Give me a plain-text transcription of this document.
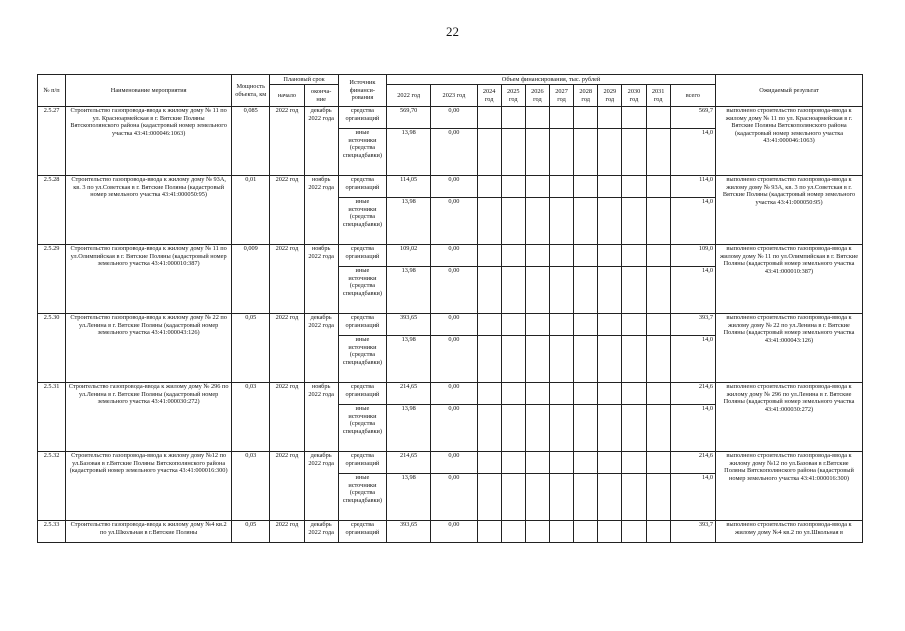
22
№ п/п	Наименование мероприятия	Мощность объекта, км	Плановый срок		Источник финанси-рования	Объем финансирования, тыс. рублей											Ожидаемый результат
			начало	оконча-ние		2022 год	2023 год	2024 год	2025 год	2026 год	2027 год	2028 год	2029 год	2030 год	2031 год	всего	
2.5.27	Строительство газопровода-ввода к жилому дому № 11 по ул. Красноармейская в г. Вятские Поляны Вятскополянского района (кадастровый номер земельного участка 43:41:000046:1063)	0,085	2022 год	декабрь 2022 года	средства организаций	569,70	0,00									569,7	выполнено строительство газопровода-ввода к жилому дому № 11 по ул. Красноармейская в г. Вятские Поляны Вятскополянского района (кадастровый номер земельного участка 43:41:000046:1063)
					иные источники (средства спецнадбавки)	13,98	0,00									14,0	
2.5.28	Строительство газопровода-ввода к жилому дому № 93А, кв. 3 по ул.Советская в г. Вятские Поляны (кадастровый номер земельного участка 43:41:000050:95)	0,01	2022 год	ноябрь 2022 года	средства организаций	114,05	0,00									114,0	выполнено строительство газопровода-ввода к жилому дому № 93А, кв. 3 по ул.Советская в г. Вятские Поляны (кадастровый номер земельного участка 43:41:000050:95)
					иные источники (средства спецнадбавки)	13,98	0,00									14,0	
2.5.29	Строительство газопровода-ввода к жилому дому № 11 по ул.Олимпийская в г. Вятские Поляны (кадастровый номер земельного участка 43:41:000010:387)	0,009	2022 год	ноябрь 2022 года	средства организаций	109,02	0,00									109,0	выполнено строительство газопровода-ввода к жилому дому № 11 по ул.Олимпийская в г. Вятские Поляны (кадастровый номер земельного участка 43:41:000010:387)
					иные источники (средства спецнадбавки)	13,98	0,00									14,0	
2.5.30	Строительство газопровода-ввода к жилому дому № 22 по ул.Ленина в г. Вятские Поляны (кадастровый номер земельного участка 43:41:000043:126)	0,05	2022 год	декабрь 2022 года	средства организаций	393,65	0,00									393,7	выполнено строительство газопровода-ввода к жилому дому № 22 по ул.Ленина в г. Вятские Поляны (кадастровый номер земельного участка 43:41:000043:126)
					иные источники (средства спецнадбавки)	13,98	0,00									14,0	
2.5.31	Строительство газопровода-ввода к жилому дому № 296 по ул.Ленина в г. Вятские Поляны (кадастровый номер земельного участка 43:41:000030:272)	0,03	2022 год	ноябрь 2022 года	средства организаций	214,65	0,00									214,6	выполнено строительство газопровода-ввода к жилому дому № 296 по ул.Ленина в г. Вятские Поляны (кадастровый номер земельного участка 43:41:000030:272)
					иные источники (средства спецнадбавки)	13,98	0,00									14,0	
2.5.32	Строительство газопровода-ввода к жилому дому №12 по ул.Базовая в г.Вятские Поляны Вятскополянского района (кадастровый номер земельного участка 43:41:000016:300)	0,03	2022 год	декабрь 2022 года	средства организаций	214,65	0,00									214,6	выполнено строительство газопровода-ввода к жилому дому №12 по ул.Базовая в г.Вятские Поляны Вятскополянского района (кадастровый номер земельного участка 43:41:000016:300)
					иные источники (средства спецнадбавки)	13,98	0,00									14,0	
2.5.33	Строительство газопровода-ввода к жилому дому №4 кв.2 по ул.Школьная в г.Вятские Поляны	0,05	2022 год	декабрь 2022 года	средства организаций	393,65	0,00									393,7	выполнено строительство газопровода-ввода к жилому дому №4 кв.2 по ул.Школьная в
